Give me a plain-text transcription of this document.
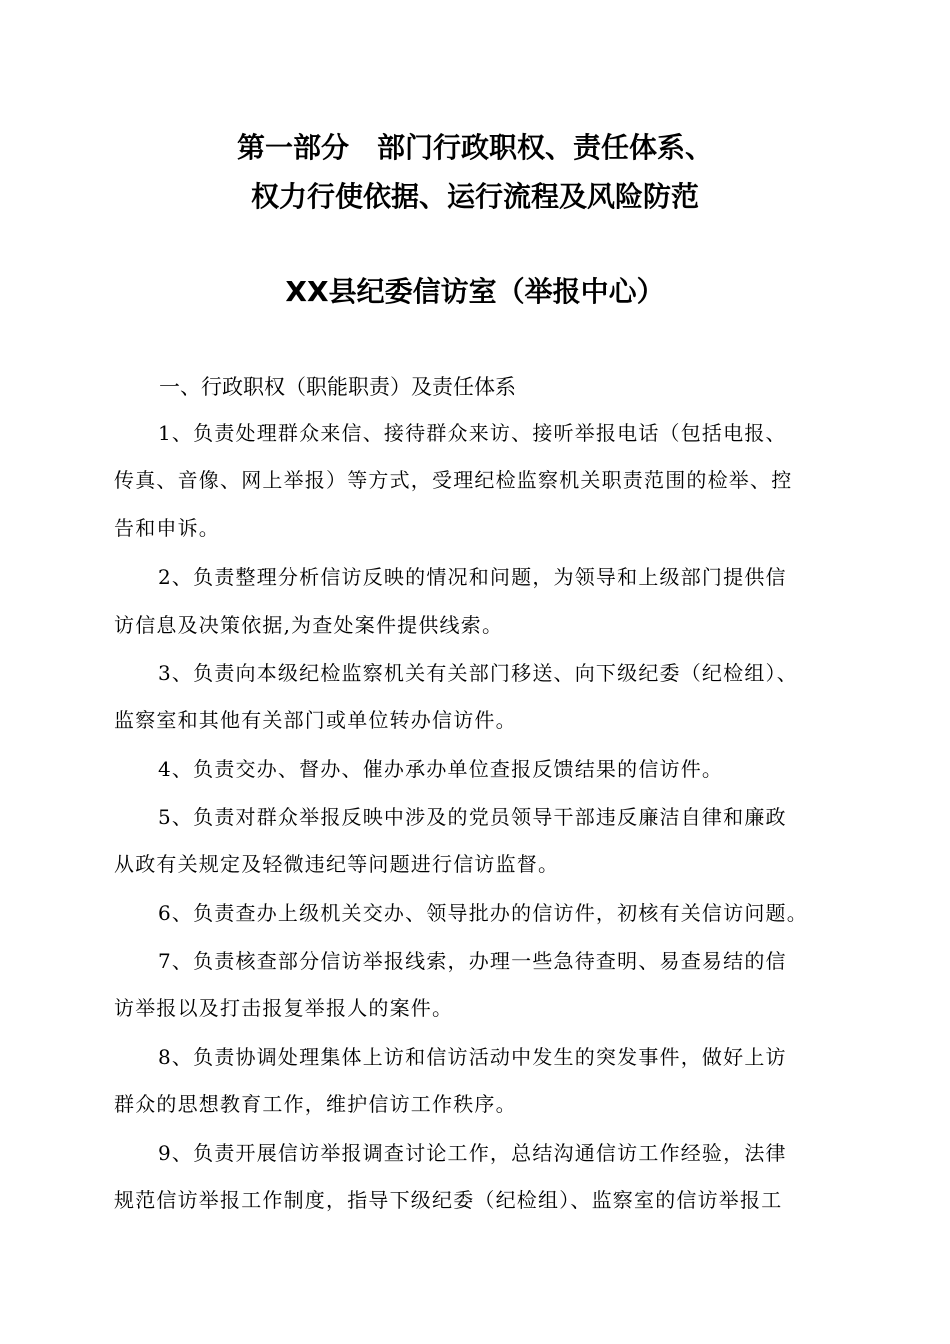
第一部分　部门行政职权、责任体系、
权力行使依据、运行流程及风险防范
XX县纪委信访室（举报中心）
一、行政职权（职能职责）及责任体系
1、负责处理群众来信、接待群众来访、接听举报电话（包括电报、
传真、音像、网上举报）等方式，受理纪检监察机关职责范围的检举、控
告和申诉。
2、负责整理分析信访反映的情况和问题，为领导和上级部门提供信
访信息及决策依据,为查处案件提供线索。
3、负责向本级纪检监察机关有关部门移送、向下级纪委（纪检组）、
监察室和其他有关部门或单位转办信访件。
4、负责交办、督办、催办承办单位查报反馈结果的信访件。
5、负责对群众举报反映中涉及的党员领导干部违反廉洁自律和廉政
从政有关规定及轻微违纪等问题进行信访监督。
6、负责查办上级机关交办、领导批办的信访件，初核有关信访问题。
7、负责核查部分信访举报线索，办理一些急待查明、易查易结的信
访举报以及打击报复举报人的案件。
8、负责协调处理集体上访和信访活动中发生的突发事件，做好上访
群众的思想教育工作，维护信访工作秩序。
9、负责开展信访举报调查讨论工作，总结沟通信访工作经验，法律
规范信访举报工作制度，指导下级纪委（纪检组）、监察室的信访举报工
